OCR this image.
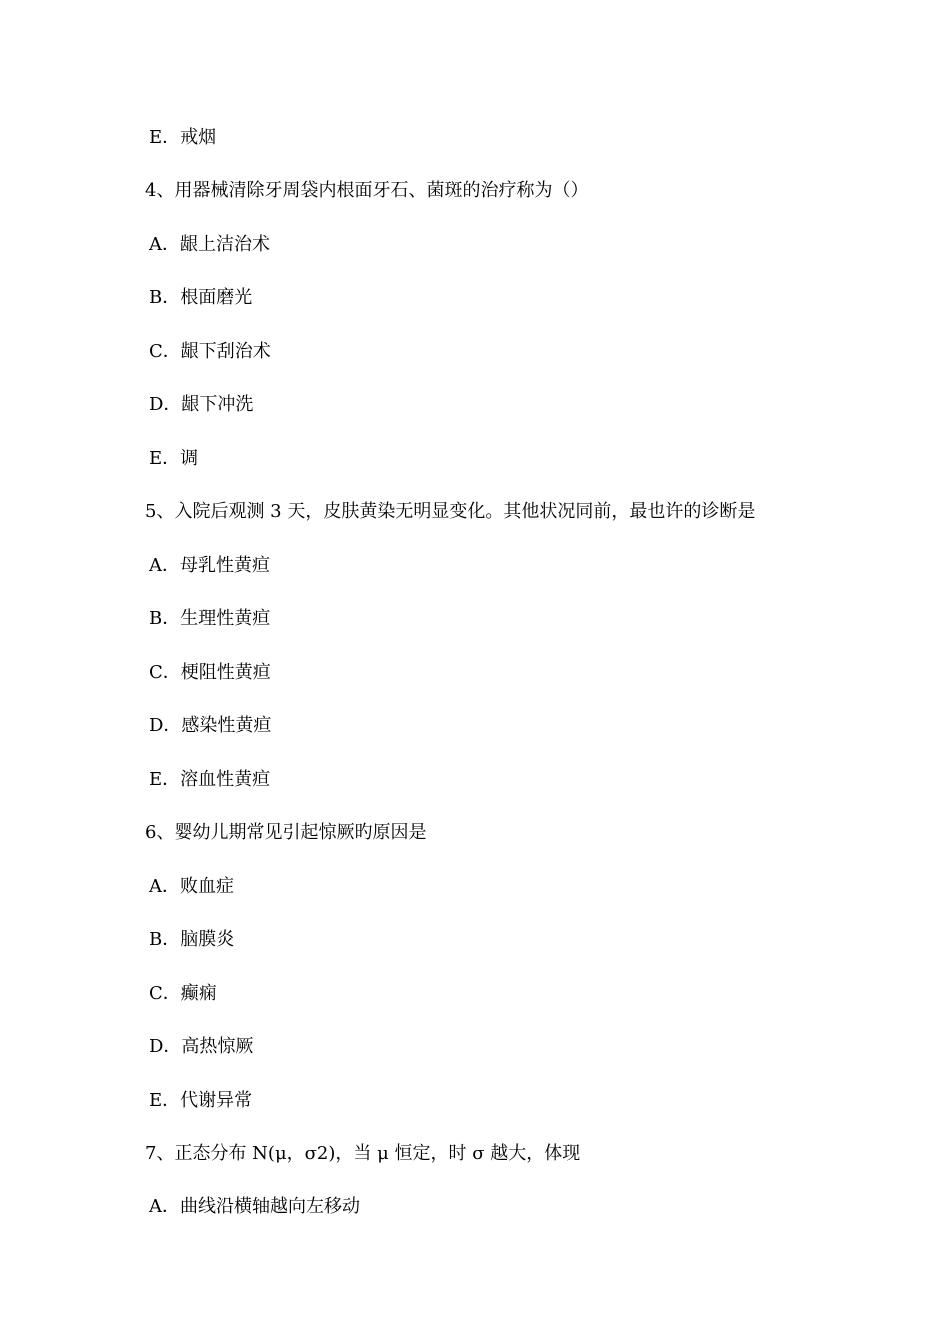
E．戒烟
4、用器械清除牙周袋内根面牙石、菌斑的治疗称为（）
A．龈上洁治术
B．根面磨光
C．龈下刮治术
D．龈下冲洗
E．调
5、入院后观测 3 天，皮肤黄染无明显变化。其他状况同前，最也许的诊断是
A．母乳性黄疸
B．生理性黄疸
C．梗阻性黄疸
D．感染性黄疸
E．溶血性黄疸
6、婴幼儿期常见引起惊厥旳原因是
A．败血症
B．脑膜炎
C．癫痫
D．高热惊厥
E．代谢异常
7、正态分布 N(μ，σ2)，当 μ 恒定，时 σ 越大，体现
A．曲线沿横轴越向左移动
